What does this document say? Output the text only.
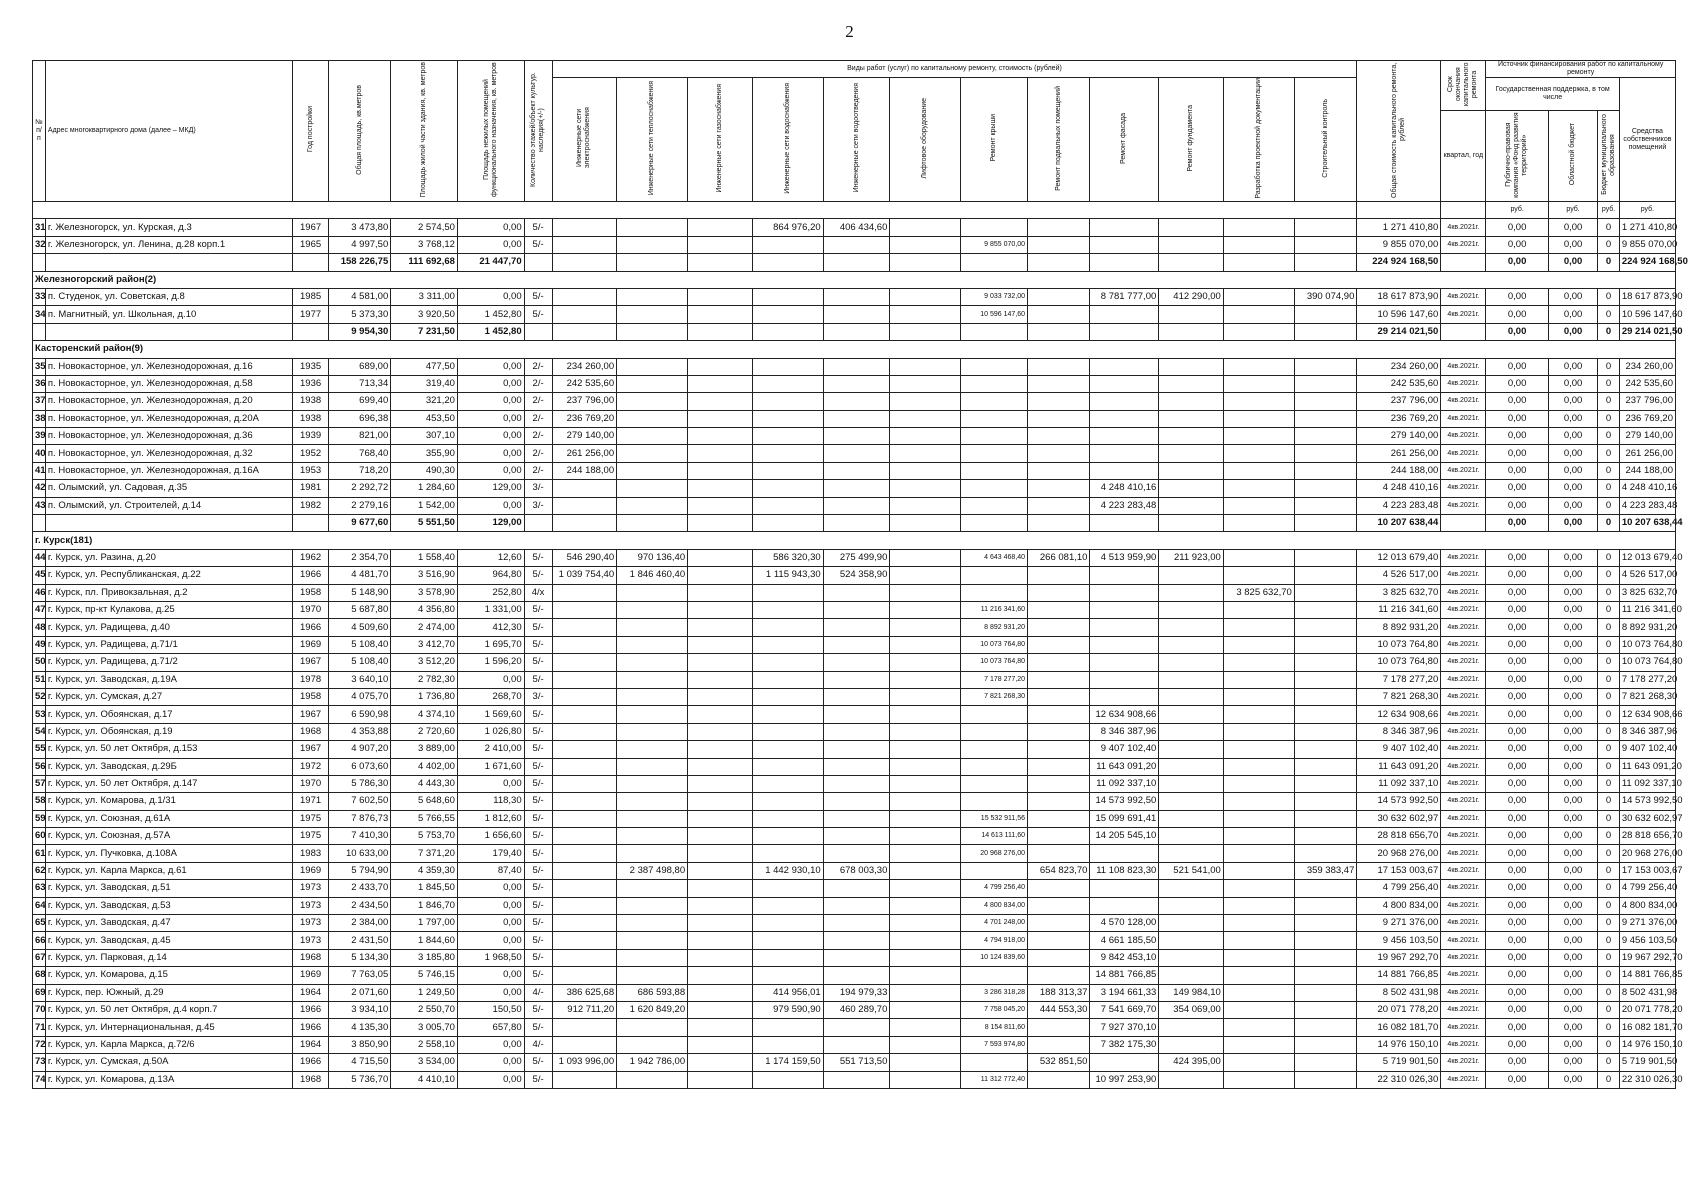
2
№ п/п	Адрес многоквартирного дома (далее – МКД)	Год постройки	Общая площадь, кв.метров	Площадь жилой части здания, кв. метров	Площадь нежилых помещений функционального назначения, кв. метров	Количество этажей/объект культур. наследия(+/-)	Виды работ (услуг) по капитальному ремонту, стоимость (рублей)												Общая стоимость капитального ремонта, рублей	Срок окончания капитального ремонта	Источник финансирования работ по капитальному ремонту			
							Инженерные сети электроснабжения	Инженерные сети теплоснабжения	Инженерные сети газоснабжения	Инженерные сети водоснабжения	Инженерные сети водоотведения	Лифтовое оборудование	Ремонт крыши	Ремонт подвальных помещений	Ремонт фасада	Ремонт фундамента	Разработка проектной документации	Строительный контроль			Государственная поддержка, в том числе			Средства собственников помещений
																				квартал, год	Публично-правовая компания «Фонд развития территорий»	Областной бюджет	Бюджет муниципального образования	
																					руб.	руб.	руб.	руб.
31	г. Железногорск, ул. Курская, д.3	1967	3 473,80	2 574,50	0,00	5/-				864 976,20	406 434,60								1 271 410,80	4кв.2021г.	0,00	0,00	0	1 271 410,80
32	г. Железногорск, ул. Ленина, д.28 корп.1	1965	4 997,50	3 768,12	0,00	5/-							9 855 070,00						9 855 070,00	4кв.2021г.	0,00	0,00	0	9 855 070,00
			158 226,75	111 692,68	21 447,70														224 924 168,50		0,00	0,00	0	224 924 168,50
Железногорский район(2)																								
33	п. Студенок, ул. Советская, д.8	1985	4 581,00	3 311,00	0,00	5/-							9 033 732,00		8 781 777,00	412 290,00		390 074,90	18 617 873,90	4кв.2021г.	0,00	0,00	0	18 617 873,90
34	п. Магнитный, ул. Школьная, д.10	1977	5 373,30	3 920,50	1 452,80	5/-							10 596 147,60						10 596 147,60	4кв.2021г.	0,00	0,00	0	10 596 147,60
			9 954,30	7 231,50	1 452,80														29 214 021,50		0,00	0,00	0	29 214 021,50
Касторенский район(9)																								
35	п. Новокасторное, ул. Железнодорожная, д.16	1935	689,00	477,50	0,00	2/-	234 260,00												234 260,00	4кв.2021г.	0,00	0,00	0	234 260,00
36	п. Новокасторное, ул. Железнодорожная, д.58	1936	713,34	319,40	0,00	2/-	242 535,60												242 535,60	4кв.2021г.	0,00	0,00	0	242 535,60
37	п. Новокасторное, ул. Железнодорожная, д.20	1938	699,40	321,20	0,00	2/-	237 796,00												237 796,00	4кв.2021г.	0,00	0,00	0	237 796,00
38	п. Новокасторное, ул. Железнодорожная, д.20А	1938	696,38	453,50	0,00	2/-	236 769,20												236 769,20	4кв.2021г.	0,00	0,00	0	236 769,20
39	п. Новокасторное, ул. Железнодорожная, д.36	1939	821,00	307,10	0,00	2/-	279 140,00												279 140,00	4кв.2021г.	0,00	0,00	0	279 140,00
40	п. Новокасторное, ул. Железнодорожная, д.32	1952	768,40	355,90	0,00	2/-	261 256,00												261 256,00	4кв.2021г.	0,00	0,00	0	261 256,00
41	п. Новокасторное, ул. Железнодорожная, д.16А	1953	718,20	490,30	0,00	2/-	244 188,00												244 188,00	4кв.2021г.	0,00	0,00	0	244 188,00
42	п. Олымский, ул. Садовая, д.35	1981	2 292,72	1 284,60	129,00	3/-									4 248 410,16				4 248 410,16	4кв.2021г.	0,00	0,00	0	4 248 410,16
43	п. Олымский, ул. Строителей, д.14	1982	2 279,16	1 542,00	0,00	3/-									4 223 283,48				4 223 283,48	4кв.2021г.	0,00	0,00	0	4 223 283,48
			9 677,60	5 551,50	129,00														10 207 638,44		0,00	0,00	0	10 207 638,44
г. Курск(181)																								
44	г. Курск, ул. Разина, д.20	1962	2 354,70	1 558,40	12,60	5/-	546 290,40	970 136,40		586 320,30	275 499,90		4 643 468,40	266 081,10	4 513 959,90	211 923,00			12 013 679,40	4кв.2021г.	0,00	0,00	0	12 013 679,40
45	г. Курск, ул. Республиканская, д.22	1966	4 481,70	3 516,90	964,80	5/-	1 039 754,40	1 846 460,40		1 115 943,30	524 358,90								4 526 517,00	4кв.2021г.	0,00	0,00	0	4 526 517,00
46	г. Курск, пл. Привокзальная, д.2	1958	5 148,90	3 578,90	252,80	4/x											3 825 632,70		3 825 632,70	4кв.2021г.	0,00	0,00	0	3 825 632,70
47	г. Курск, пр-кт Кулакова, д.25	1970	5 687,80	4 356,80	1 331,00	5/-							11 216 341,60						11 216 341,60	4кв.2021г.	0,00	0,00	0	11 216 341,60
48	г. Курск, ул. Радищева, д.40	1966	4 509,60	2 474,00	412,30	5/-							8 892 931,20						8 892 931,20	4кв.2021г.	0,00	0,00	0	8 892 931,20
49	г. Курск, ул. Радищева, д.71/1	1969	5 108,40	3 412,70	1 695,70	5/-							10 073 764,80						10 073 764,80	4кв.2021г.	0,00	0,00	0	10 073 764,80
50	г. Курск, ул. Радищева, д.71/2	1967	5 108,40	3 512,20	1 596,20	5/-							10 073 764,80						10 073 764,80	4кв.2021г.	0,00	0,00	0	10 073 764,80
51	г. Курск, ул. Заводская, д.19А	1978	3 640,10	2 782,30	0,00	5/-							7 178 277,20						7 178 277,20	4кв.2021г.	0,00	0,00	0	7 178 277,20
52	г. Курск, ул. Сумская, д.27	1958	4 075,70	1 736,80	268,70	3/-							7 821 268,30						7 821 268,30	4кв.2021г.	0,00	0,00	0	7 821 268,30
53	г. Курск, ул. Обоянская, д.17	1967	6 590,98	4 374,10	1 569,60	5/-									12 634 908,66				12 634 908,66	4кв.2021г.	0,00	0,00	0	12 634 908,66
54	г. Курск, ул. Обоянская, д.19	1968	4 353,88	2 720,60	1 026,80	5/-									8 346 387,96				8 346 387,96	4кв.2021г.	0,00	0,00	0	8 346 387,96
55	г. Курск, ул. 50 лет Октября, д.153	1967	4 907,20	3 889,00	2 410,00	5/-									9 407 102,40				9 407 102,40	4кв.2021г.	0,00	0,00	0	9 407 102,40
56	г. Курск, ул. Заводская, д.29Б	1972	6 073,60	4 402,00	1 671,60	5/-									11 643 091,20				11 643 091,20	4кв.2021г.	0,00	0,00	0	11 643 091,20
57	г. Курск, ул. 50 лет Октября, д.147	1970	5 786,30	4 443,30	0,00	5/-									11 092 337,10				11 092 337,10	4кв.2021г.	0,00	0,00	0	11 092 337,10
58	г. Курск, ул. Комарова, д.1/31	1971	7 602,50	5 648,60	118,30	5/-									14 573 992,50				14 573 992,50	4кв.2021г.	0,00	0,00	0	14 573 992,50
59	г. Курск, ул. Союзная, д.61А	1975	7 876,73	5 766,55	1 812,60	5/-							15 532 911,56		15 099 691,41				30 632 602,97	4кв.2021г.	0,00	0,00	0	30 632 602,97
60	г. Курск, ул. Союзная, д.57А	1975	7 410,30	5 753,70	1 656,60	5/-							14 613 111,60		14 205 545,10				28 818 656,70	4кв.2021г.	0,00	0,00	0	28 818 656,70
61	г. Курск, ул. Пучковка, д.108А	1983	10 633,00	7 371,20	179,40	5/-							20 968 276,00						20 968 276,00	4кв.2021г.	0,00	0,00	0	20 968 276,00
62	г. Курск, ул. Карла Маркса, д.61	1969	5 794,90	4 359,30	87,40	5/-		2 387 498,80		1 442 930,10	678 003,30			654 823,70	11 108 823,30	521 541,00		359 383,47	17 153 003,67	4кв.2021г.	0,00	0,00	0	17 153 003,67
63	г. Курск, ул. Заводская, д.51	1973	2 433,70	1 845,50	0,00	5/-							4 799 256,40						4 799 256,40	4кв.2021г.	0,00	0,00	0	4 799 256,40
64	г. Курск, ул. Заводская, д.53	1973	2 434,50	1 846,70	0,00	5/-							4 800 834,00						4 800 834,00	4кв.2021г.	0,00	0,00	0	4 800 834,00
65	г. Курск, ул. Заводская, д.47	1973	2 384,00	1 797,00	0,00	5/-							4 701 248,00		4 570 128,00				9 271 376,00	4кв.2021г.	0,00	0,00	0	9 271 376,00
66	г. Курск, ул. Заводская, д.45	1973	2 431,50	1 844,60	0,00	5/-							4 794 918,00		4 661 185,50				9 456 103,50	4кв.2021г.	0,00	0,00	0	9 456 103,50
67	г. Курск, ул. Парковая, д.14	1968	5 134,30	3 185,80	1 968,50	5/-							10 124 839,60		9 842 453,10				19 967 292,70	4кв.2021г.	0,00	0,00	0	19 967 292,70
68	г. Курск, ул. Комарова, д.15	1969	7 763,05	5 746,15	0,00	5/-									14 881 766,85				14 881 766,85	4кв.2021г.	0,00	0,00	0	14 881 766,85
69	г. Курск, пер. Южный, д.29	1964	2 071,60	1 249,50	0,00	4/-	386 625,68	686 593,88		414 956,01	194 979,33		3 286 318,28	188 313,37	3 194 661,33	149 984,10			8 502 431,98	4кв.2021г.	0,00	0,00	0	8 502 431,98
70	г. Курск, ул. 50 лет Октября, д.4 корп.7	1966	3 934,10	2 550,70	150,50	5/-	912 711,20	1 620 849,20		979 590,90	460 289,70		7 758 045,20	444 553,30	7 541 669,70	354 069,00			20 071 778,20	4кв.2021г.	0,00	0,00	0	20 071 778,20
71	г. Курск, ул. Интернациональная, д.45	1966	4 135,30	3 005,70	657,80	5/-							8 154 811,60		7 927 370,10				16 082 181,70	4кв.2021г.	0,00	0,00	0	16 082 181,70
72	г. Курск, ул. Карла Маркса, д.72/6	1964	3 850,90	2 558,10	0,00	4/-							7 593 974,80		7 382 175,30				14 976 150,10	4кв.2021г.	0,00	0,00	0	14 976 150,10
73	г. Курск, ул. Сумская, д.50А	1966	4 715,50	3 534,00	0,00	5/-	1 093 996,00	1 942 786,00		1 174 159,50	551 713,50			532 851,50		424 395,00			5 719 901,50	4кв.2021г.	0,00	0,00	0	5 719 901,50
74	г. Курск, ул. Комарова, д.13А	1968	5 736,70	4 410,10	0,00	5/-							11 312 772,40		10 997 253,90				22 310 026,30	4кв.2021г.	0,00	0,00	0	22 310 026,30
